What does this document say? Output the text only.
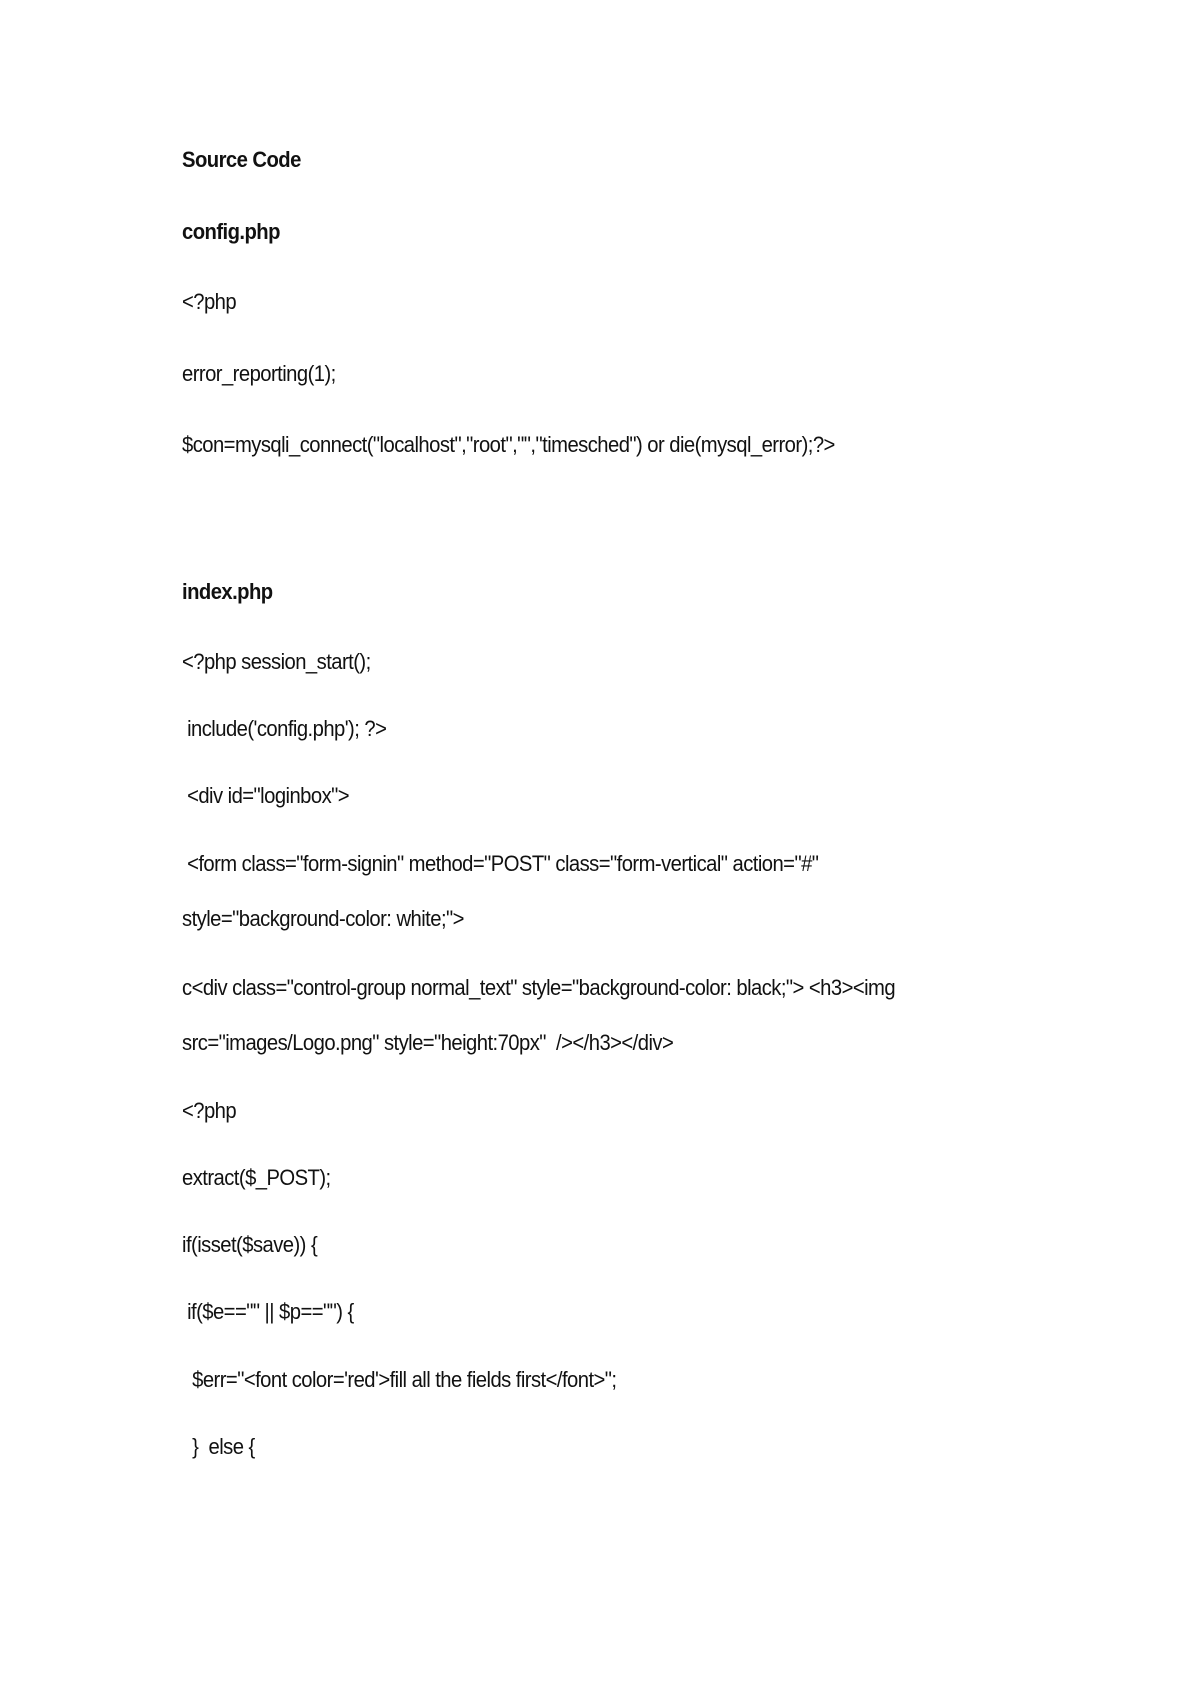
Source Code
config.php
<?php
error_reporting(1);
$con=mysqli_connect("localhost","root","","timesched") or die(mysql_error);?>
index.php
<?php session_start();
include('config.php'); ?>
<div id="loginbox">
<form class="form-signin" method="POST" class="form-vertical" action="#"
style="background-color: white;">
c<div class="control-group normal_text" style="background-color: black;"> <h3><img
src="images/Logo.png" style="height:70px"  /></h3></div>
<?php
extract($_POST);
if(isset($save)) {
if($e=="" || $p=="") {
$err="<font color='red'>fill all the fields first</font>";
}  else {
